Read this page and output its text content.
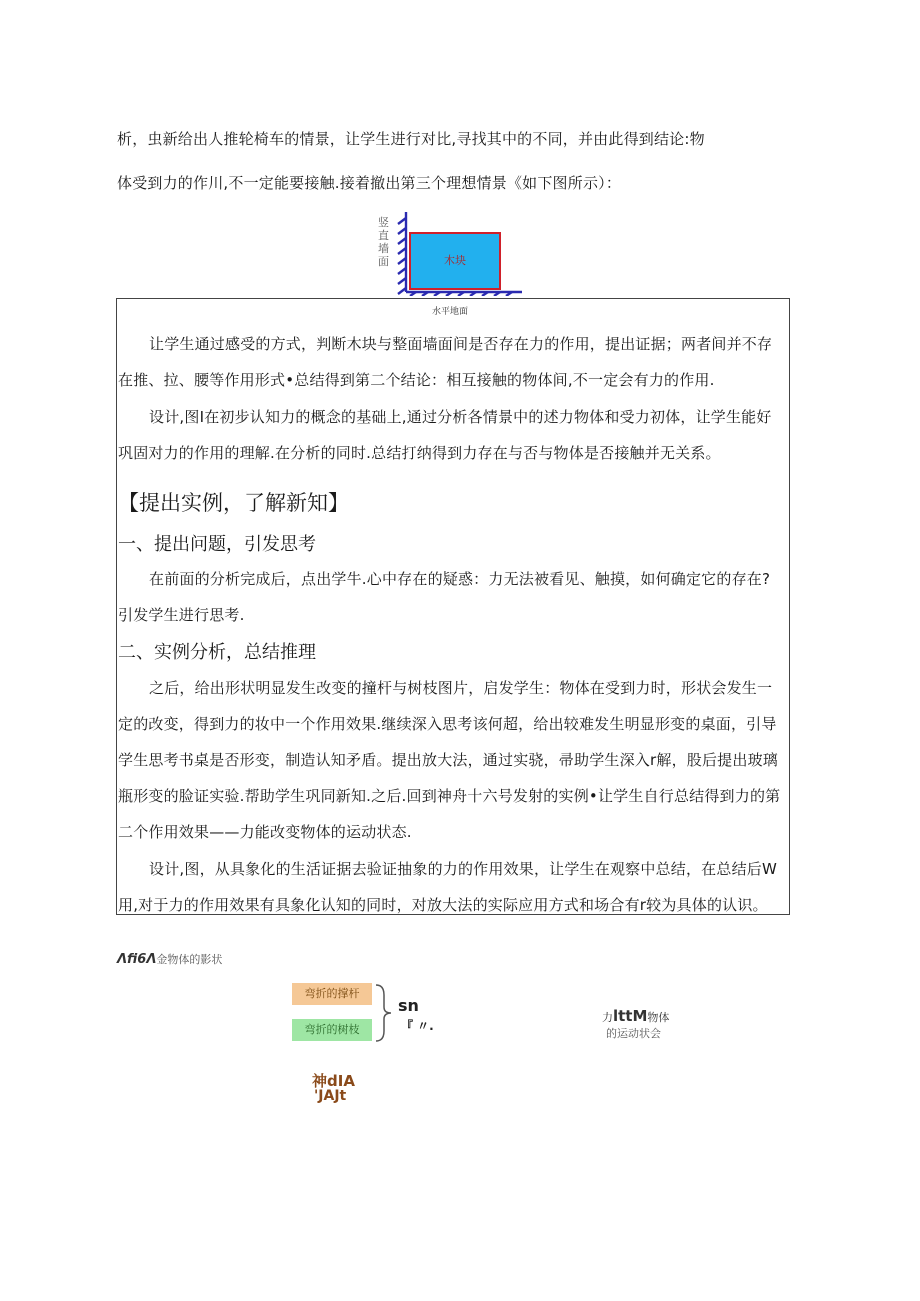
析，虫新给出人推轮椅车的情景，让学生进行对比,寻找其中的不同，并由此得到结论:物
体受到力的作川,不一定能要接触.接着撤出第三个理想情景《如下图所示）：
竖直墙面	木块
水平地面
让学生通过感受的方式，判断木块与整面墙面间是否存在力的作用，提出证据；两者间并不存
在推、拉、腰等作用形式•总结得到第二个结论：相互接触的物体间,不一定会有力的作用.
设计,图I在初步认知力的概念的基础上,通过分析各情景中的述力物体和受力初体，让学生能好
巩固对力的作用的理解.在分析的同时.总结打纳得到力存在与否与物体是否接触并无关系。
【提出实例，了解新知】
一、提出问题，引发思考
在前面的分析完成后，点出学牛.心中存在的疑惑：力无法被看见、触摸，如何确定它的存在?
引发学生进行思考.
二、实例分析，总结推理
之后，给出形状明显发生改变的撞杆与树枝图片，启发学生：物体在受到力时，形状会发生一
定的改变，得到力的妆中一个作用效果.继续深入思考该何超，给出较难发生明显形变的桌面，引导
学生思考书桌是否形变，制造认知矛盾。提出放大法，通过实骁，帚助学生深入r解，股后提出玻璃
瓶形变的脸证实验.帮助学生巩同新知.之后.回到神舟十六号发射的实例•让学生自行总结得到力的第
二个作用效果——力能改变物体的运动状态.
设计,图，从具象化的生活证据去验证抽象的力的作用效果，让学生在观察中总结，在总结后W
用,对于力的作用效果有具象化认知的同时，对放大法的实际应用方式和场合有r较为具体的认识。
Λfi6Λ金物体的影状
弯折的撑杆
弯折的树枝
sn
『 〃.
力lttM物体
的运动状会
神dIA
'JAJt
